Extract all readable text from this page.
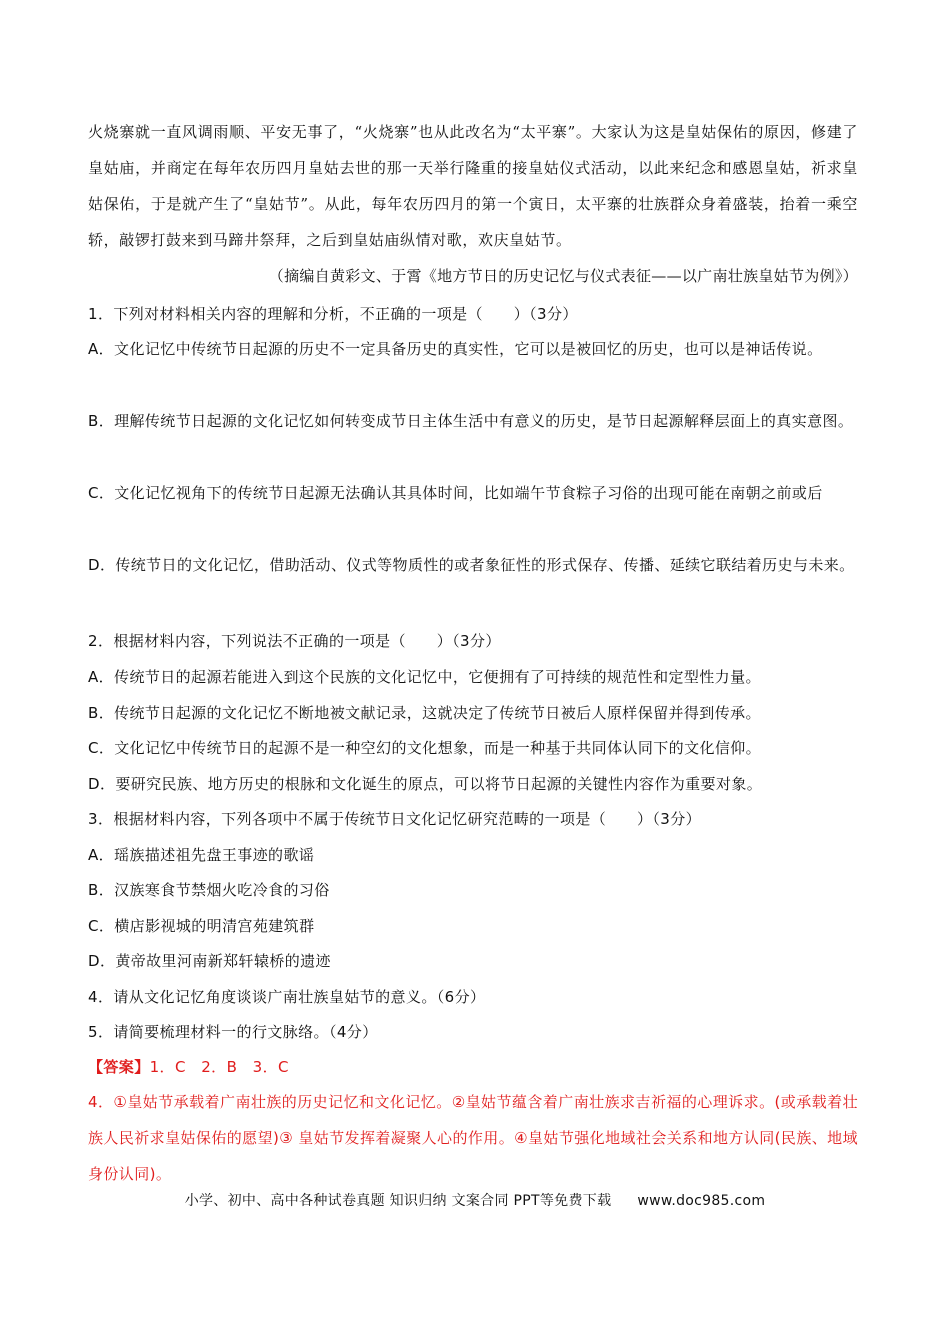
火烧寨就一直风调雨顺、平安无事了，“火烧寨”也从此改名为“太平寨”。大家认为这是皇姑保佑的原因，修建了皇姑庙，并商定在每年农历四月皇姑去世的那一天举行隆重的接皇姑仪式活动，以此来纪念和感恩皇姑，祈求皇姑保佑，于是就产生了“皇姑节”。从此，每年农历四月的第一个寅日，太平寨的壮族群众身着盛装，抬着一乘空轿，敲锣打鼓来到马蹄井祭拜，之后到皇姑庙纵情对歌，欢庆皇姑节。

（摘编自黄彩文、于霄《地方节日的历史记忆与仪式表征——以广南壮族皇姑节为例》）

1．下列对材料相关内容的理解和分析，不正确的一项是（　　）（3分）

A．文化记忆中传统节日起源的历史不一定具备历史的真实性，它可以是被回忆的历史，也可以是神话传说。

B．理解传统节日起源的文化记忆如何转变成节日主体生活中有意义的历史，是节日起源解释层面上的真实意图。

C．文化记忆视角下的传统节日起源无法确认其具体时间，比如端午节食粽子习俗的出现可能在南朝之前或后

D．传统节日的文化记忆，借助活动、仪式等物质性的或者象征性的形式保存、传播、延续它联结着历史与未来。

2．根据材料内容，下列说法不正确的一项是（　　）（3分）

A．传统节日的起源若能进入到这个民族的文化记忆中，它便拥有了可持续的规范性和定型性力量。

B．传统节日起源的文化记忆不断地被文献记录，这就决定了传统节日被后人原样保留并得到传承。

C．文化记忆中传统节日的起源不是一种空幻的文化想象，而是一种基于共同体认同下的文化信仰。

D．要研究民族、地方历史的根脉和文化诞生的原点，可以将节日起源的关键性内容作为重要对象。

3．根据材料内容，下列各项中不属于传统节日文化记忆研究范畴的一项是（　　）（3分）

A．瑶族描述祖先盘王事迹的歌谣

B．汉族寒食节禁烟火吃冷食的习俗

C．横店影视城的明清宫苑建筑群

D．黄帝故里河南新郑轩辕桥的遗迹

4．请从文化记忆角度谈谈广南壮族皇姑节的意义。（6分）

5．请简要梳理材料一的行文脉络。（4分）

【答案】1．C　2．B　3．C

4．①皇姑节承载着广南壮族的历史记忆和文化记忆。②皇姑节蕴含着广南壮族求吉祈福的心理诉求。(或承载着壮族人民祈求皇姑保佑的愿望)③ 皇姑节发挥着凝聚人心的作用。④皇姑节强化地域社会关系和地方认同(民族、地域身份认同)。

小学、初中、高中各种试卷真题 知识归纳 文案合同 PPT等免费下载 www.doc985.com
